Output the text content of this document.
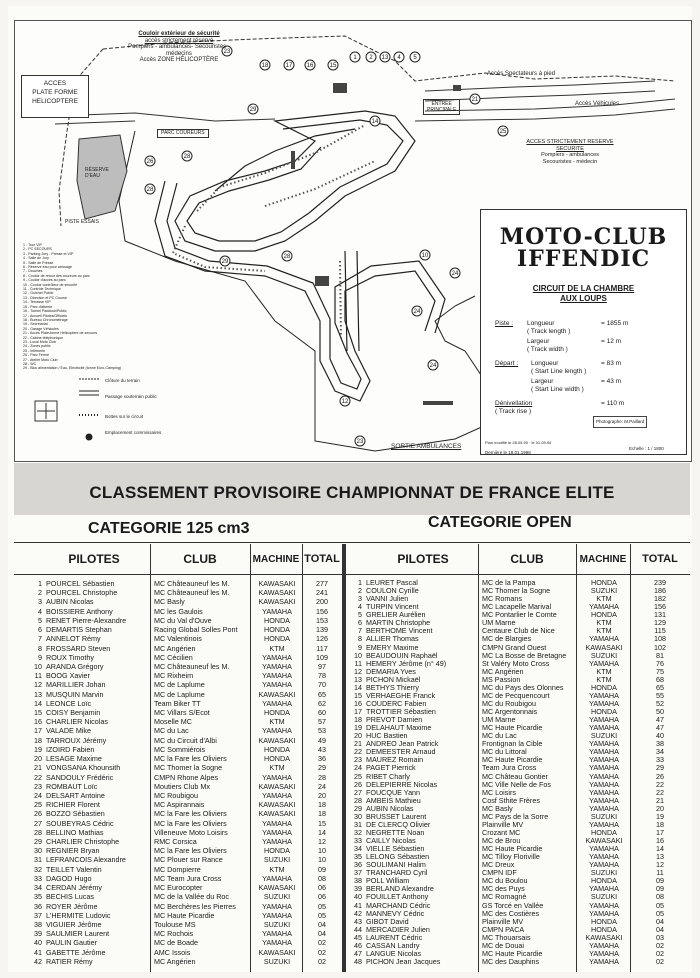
23
18	17 16	15
1 2 13 4 5
29
26
28
28
29
28
14
10
24
24
25
21
24
12
23
Couloir extérieur de sécurité
accès strictement réservé
Pompiers - ambulances- Secouristes -
médecins
Accès ZONE HÉLICOPTÈRE
ACCES
PLATE FORME
HELICOPTERE
Accès Spectateurs à pied
Accès Véhicules
ENTREE
PRINCIPALE
PARC COUREURS
RÉSERVE
D'EAU
PISTE ESSAIS
ACCES STRICTEMENT RESERVE
SECURITE
Pompiers - ambulances
Secouristes - médecin
SORTIE AMBULANCES
1 - Tour VIP
2 - PC SECOURS
3 - Parking Jury - Presse et VIP
4 - Salle de Jury
5 - Salle de Presse
6 - Réserve eau pour arrosage
7 - Douches
8 - Couloir de retour des coureurs au parc
9 - Couloir d'accès au parc
10 - Couloir contrôleur de sécurité
11 - Contrôle Technique
12 - Guichet Public
13 - Direction et PC Course
14 - Terrasse VIP
15 - Parc d'attente
16 - Tunnel Paddock/Public
17 - Accueil Pilotes/Officiels
18 - Bureau Chronométrage
19 - Secrétariat
20 - Garage Véhicules
21 - Accès Plate-forme Hélicoptère de secours
22 - Cabine téléphonique
23 - Local Moto Club
24 - Zones public
25 - Infirmerie
26 - Parc Fermé
27 - Atelier Moto Club
28 - WC
29 - Bloc alimentation / Eau, Electricité (tonne Euro-Camping)
Clôture du terrain
Passage souterrain public
Bottes sur le circuit
Emplacement commissaires
MOTO-CLUB
IFFENDIC
CIRCUIT DE LA CHAMBRE
AUX LOUPS
Piste : Longueur
( Track length )
= 1855 m
Largeur
( Track width )
= 12 m
Départ : Longueur
( Start Line length )
= 83 m
Largeur
( Start Line width )
= 43 m
Dénivellation
( Track rise )
= 110 m
Photographe: M.Paillard
Plan modifié le 28.05.90 · le 01.05.94
Dernière le 18.01.1998
Echelle : 1 / 1800
CLASSEMENT PROVISOIRE CHAMPIONNAT DE FRANCE ELITE
CATEGORIE 125 cm3	CATEGORIE OPEN
PILOTES	CLUB	MACHINE TOTAL
1 POURCEL Sébastien	MC Châteauneuf les M.	KAWASAKI	277
2 POURCEL Christophe	MC Châteauneuf les M.	KAWASAKI	241
3 AUBIN Nicolas	MC Basly	KAWASAKI	200
4 BOISSIERE Anthony	MC les Gaulois	YAMAHA	156
5 RENET Pierre-Alexandre	MC du Val d'Ouve	HONDA	153
6 DEMARTIS Stephan	Racing Global Solles Pont	HONDA	139
7 ANNELOT Rémy	MC Valentinois	HONDA	126
8 FROSSARD Steven	MC Angérien	KTM	117
9 ROUX Timothy	MC Cécilien	YAMAHA	109
10 ARANDA Grégory	MC Châteauneuf les M.	YAMAHA	97
11 BOOG Xavier	MC Rixheim	YAMAHA	78
12 MARILLIER Johan	MC de Laplume	YAMAHA	70
13 MUSQUIN Marvin	MC de Laplume	KAWASAKI	65
14 LEONCE Loïc	Team Biker TT	YAMAHA	62
15 COISY Benjamin	MC Villars S/Ecot	HONDA	60
16 CHARLIER Nicolas	Moselle MC	KTM	57
17 VALADE Mike	MC du Lac	YAMAHA	53
18 TARROUX Jérémy	MC du Circuit d'Albi	KAWASAKI	49
19 IZOIRD Fabien	MC Sommiérois	HONDA	43
20 LESAGE Maxime	MC la Fare les Oliviers	HONDA	36
21 VONGSANA Khounsith	MC Thomer la Sogne	KTM	29
22 SANDOULY Frédéric	CMPN Rhone Alpes	YAMAHA	28
23 ROMBAUT Loïc	Moutiers Club Mx	KAWASAKI	24
24 DELSART Antoine	MC Roubigou	YAMAHA	20
25 RICHIER Florent	MC Aspirannais	KAWASAKI	18
26 BOZZO Sébastien	MC la Fare les Oliviers	KAWASAKI	18
27 SOUBEYRAS Cédric	MC la Fare les Oliviers	YAMAHA	15
28 BELLINO Mathias	Villeneuve Moto Loisirs	YAMAHA	14
29 CHARLIER Christophe	RMC Corsica	YAMAHA	12
30 REGNIER Bryan	MC la Fare les Oliviers	HONDA	10
31 LEFRANCOIS Alexandre	MC Plouer sur Rance	SUZUKI	10
32 TEILLET Valentin	MC Dompierre	KTM	09
33 DAGOD Hugo	MC Team Jura Cross	YAMAHA	08
34 CERDAN Jérémy	MC Eurocopter	KAWASAKI	06
35 BECHIS Lucas	MC de la Vallée du Roc	SUZUKI	06
36 ROYER Jérôme	MC Berchères les Pierres	YAMAHA	05
37 L'HERMITE Ludovic	MC Haute Picardie	YAMAHA	05
38 VIGUIER Jérôme	Toulouse MS	SUZUKI	04
39 SAULMIER Laurent	MC Rochois	YAMAHA	04
40 PAULIN Gautier	MC de Boade	YAMAHA	02
41 GABETTE Jérôme	AMC Issois	KAWASAKI	02
42 RATIER Rémy	MC Angérien	SUZUKI	02
PILOTES	CLUB	MACHINE	TOTAL
1 LEURET Pascal	MC de la Pampa	HONDA	239
2 COULON Cyrille	MC Thomer la Sogne	SUZUKI	186
3 VANNI Julien	MC Romans	KTM	182
4 TURPIN Vincent	MC Lacapelle Marival	YAMAHA	156
5 GRELIER Aurélien	MC Pontarlier le Comte	HONDA	131
6 MARTIN Christophe	UM Marne	KTM	129
7 BERTHOME Vincent	Centaure Club de Nice	KTM	115
8 ALLIER Thomas	MC de Blargies	YAMAHA	108
9 EMERY Maxime	CMPN Grand Ouest	KAWASAKI	102
10 BEAUDOUIN Raphaël	MC La Bosse de Bretagne	SUZUKI	81
11 HEMERY Jérôme (n° 49)	St Valéry Moto Cross	YAMAHA	76
12 DEMARIA Yves	MC Angérien	KTM	75
13 PICHON Mickaël	MS Passion	KTM	68
14 BETHYS Thierry	MC du Pays des Olonnes	HONDA	65
15 VERHAEGHE Franck	MC de Pecquencourt	YAMAHA	55
16 COUDERC Fabien	MC du Roubigou	YAMAHA	52
17 TROTTIER Sébastien	MC Argentonnais	HONDA	50
18 PREVOT Damien	UM Marne	YAMAHA	47
19 DELAHAUT Maxime	MC Haute Picardie	YAMAHA	47
20 HUC Bastien	MC du Lac	SUZUKI	40
21 ANDREO Jean Patrick	Frontignan la Cible	YAMAHA	38
22 DEMEESTER Arnaud	MC du Littoral	YAMAHA	34
23 MAUREZ Romain	MC Haute Picardie	YAMAHA	33
24 PAGET Pierrick	Team Jura Cross	YAMAHA	29
25 RIBET Charly	MC Château Gontier	YAMAHA	26
26 DELEPIERRE Nicolas	MC Ville Nelle de Fos	YAMAHA	22
27 FOUCQUE Yann	MC Loisirs	YAMAHA	22
28 AMBEIS Mathieu	Cosf Sthite Frères	YAMAHA	21
29 AUBIN Nicolas	MC Basly	YAMAHA	20
30 BRUSSET Laurent	MC Pays de la Sorre	SUZUKI	19
31 DE CLERCQ Olivier	Plainville MV	YAMAHA	18
32 NEGRETTE Noan	Crozant MC	HONDA	17
33 CAILLY Nicolas	MC de Brou	KAWASAKI	16
34 VIELLE Sébastien	MC Haute Picardie	YAMAHA	14
35 LELONG Sébastien	MC Tilloy Floriville	YAMAHA	13
36 SOULIMANI Halim	MC Dreux	YAMAHA	12
37 TRANCHARD Cyril	CMPN IDF	SUZUKI	11
38 POLL William	MC du Boulou	HONDA	09
39 BERLAND Alexandre	MC des Puys	YAMAHA	09
40 FOUILLET Anthony	MC Romagné	SUZUKI	08
41 MARCHAND Cédric	GS Torcé en Vallée	YAMAHA	05
42 MANNEVY Cédric	MC des Costières	YAMAHA	05
43 GIBOT David	Plainville MV	HONDA	04
44 MERCADIER Julien	CMPN PACA	HONDA	04
45 LAURENT Cédric	MC Thouarsais	KAWASAKI	03
46 CASSAN Landry	MC de Douai	YAMAHA	02
47 LANGUE Nicolas	MC Haute Picardie	YAMAHA	02
48 PICHON Jean Jacques	MC des Dauphins	YAMAHA	02
